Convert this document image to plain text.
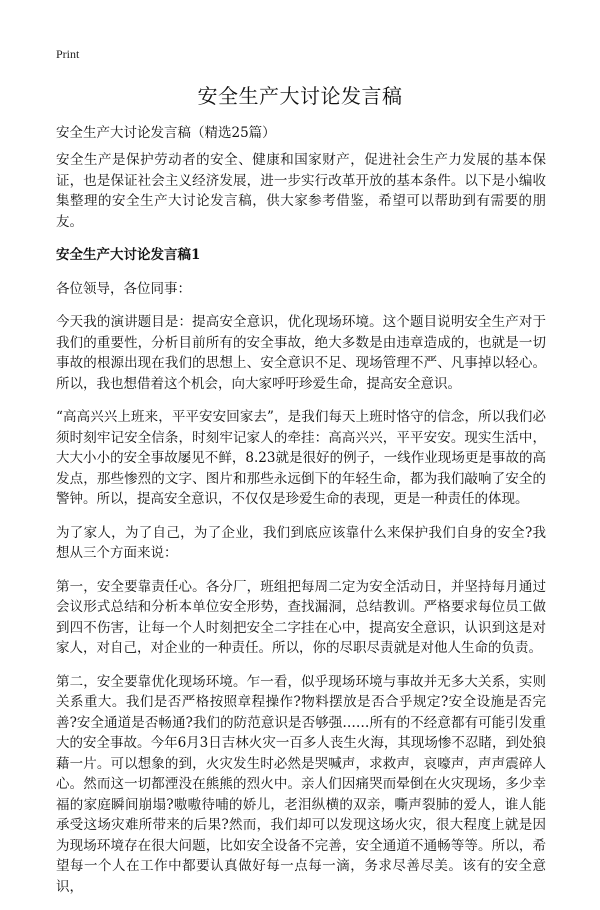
Print
安全生产大讨论发言稿
安全生产大讨论发言稿（精选25篇）

安全生产是保护劳动者的安全、健康和国家财产，促进社会生产力发展的基本保证，也是保证社会主义经济发展，进一步实行改革开放的基本条件。以下是小编收集整理的安全生产大讨论发言稿，供大家参考借鉴，希望可以帮助到有需要的朋友。

安全生产大讨论发言稿1

各位领导，各位同事：

今天我的演讲题目是：提高安全意识，优化现场环境。这个题目说明安全生产对于我们的重要性，分析目前所有的安全事故，绝大多数是由违章造成的，也就是一切事故的根源出现在我们的思想上、安全意识不足、现场管理不严、凡事掉以轻心。所以，我也想借着这个机会，向大家呼吁珍爱生命，提高安全意识。

“高高兴兴上班来，平平安安回家去”，是我们每天上班时恪守的信念，所以我们必须时刻牢记安全信条，时刻牢记家人的牵挂：高高兴兴，平平安安。现实生活中，大大小小的安全事故屡见不鲜，8.23就是很好的例子，一线作业现场更是事故的高发点，那些惨烈的文字、图片和那些永远倒下的年轻生命，都为我们敲响了安全的警钟。所以，提高安全意识，不仅仅是珍爱生命的表现，更是一种责任的体现。

为了家人，为了自己，为了企业，我们到底应该靠什么来保护我们自身的安全?我想从三个方面来说：

第一，安全要靠责任心。各分厂，班组把每周二定为安全活动日，并坚持每月通过会议形式总结和分析本单位安全形势，查找漏洞，总结教训。严格要求每位员工做到四不伤害，让每一个人时刻把安全二字挂在心中，提高安全意识，认识到这是对家人，对自己，对企业的一种责任。所以，你的尽职尽责就是对他人生命的负责。

第二，安全要靠优化现场环境。乍一看，似乎现场环境与事故并无多大关系，实则关系重大。我们是否严格按照章程操作?物料摆放是否合乎规定?安全设施是否完善?安全通道是否畅通?我们的防范意识是否够强……所有的不经意都有可能引发重大的安全事故。今年6月3日吉林火灾一百多人丧生火海，其现场惨不忍睹，到处狼藉一片。可以想象的到，火灾发生时必然是哭喊声，求救声，哀嚎声，声声震碎人心。然而这一切都湮没在熊熊的烈火中。亲人们因痛哭而晕倒在火灾现场，多少幸福的家庭瞬间崩塌?嗷嗷待哺的娇儿，老泪纵横的双亲，嘶声裂肺的爱人，谁人能承受这场灾难所带来的后果?然而，我们却可以发现这场火灾，很大程度上就是因为现场环境存在很大问题，比如安全设备不完善，安全通道不通畅等等。所以，希望每一个人在工作中都要认真做好每一点每一滴，务求尽善尽美。该有的安全意识，
